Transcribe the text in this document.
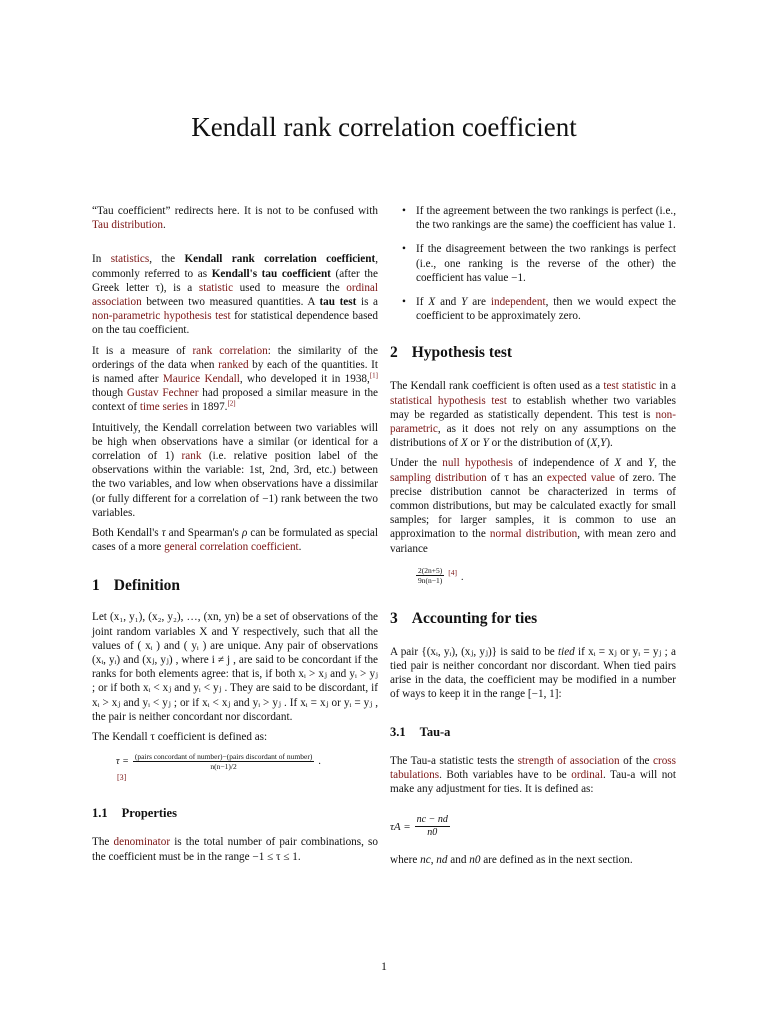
Kendall rank correlation coefficient

“Tau coefficient” redirects here. It is not to be confused with Tau distribution.

In statistics, the Kendall rank correlation coefficient, commonly referred to as Kendall's tau coefficient (after the Greek letter τ), is a statistic used to measure the ordinal association between two measured quantities. A tau test is a non-parametric hypothesis test for statistical dependence based on the tau coefficient.

It is a measure of rank correlation: the similarity of the orderings of the data when ranked by each of the quantities. It is named after Maurice Kendall, who developed it in 1938,[1] though Gustav Fechner had proposed a similar measure in the context of time series in 1897.[2]

Intuitively, the Kendall correlation between two variables will be high when observations have a similar (or identical for a correlation of 1) rank (i.e. relative position label of the observations within the variable: 1st, 2nd, 3rd, etc.) between the two variables, and low when observations have a dissimilar (or fully different for a correlation of −1) rank between the two variables.

Both Kendall's τ and Spearman's ρ can be formulated as special cases of a more general correlation coefficient.

1 Definition

Let (x₁, y₁), (x₂, y₂), …, (xn, yn) be a set of observations of the joint random variables X and Y respectively, such that all the values of ( xᵢ ) and ( yᵢ ) are unique. Any pair of observations (xᵢ, yᵢ) and (xⱼ, yⱼ) , where i ≠ j , are said to be concordant if the ranks for both elements agree: that is, if both xᵢ > xⱼ and yᵢ > yⱼ ; or if both xᵢ < xⱼ and yᵢ < yⱼ . They are said to be discordant, if xᵢ > xⱼ and yᵢ < yⱼ ; or if xᵢ < xⱼ and yᵢ > yⱼ . If xᵢ = xⱼ or yᵢ = yⱼ , the pair is neither concordant nor discordant.

The Kendall τ coefficient is defined as:

$\tau = \frac{\text{(pairs concordant of number)−(pairs discordant of number)}}{n(n-1)/2}$ .
[3]
1.1 Properties

The denominator is the total number of pair combinations, so the coefficient must be in the range −1 ≤ τ ≤ 1.

• If the agreement between the two rankings is perfect (i.e., the two rankings are the same) the coefficient has value 1.
• If the disagreement between the two rankings is perfect (i.e., one ranking is the reverse of the other) the coefficient has value −1.
• If X and Y are independent, then we would expect the coefficient to be approximately zero.
2 Hypothesis test

The Kendall rank coefficient is often used as a test statistic in a statistical hypothesis test to establish whether two variables may be regarded as statistically dependent. This test is non-parametric, as it does not rely on any assumptions on the distributions of X or Y or the distribution of (X,Y).

Under the null hypothesis of independence of X and Y, the sampling distribution of τ has an expected value of zero. The precise distribution cannot be characterized in terms of common distributions, but may be calculated exactly for small samples; for larger samples, it is common to use an approximation to the normal distribution, with mean zero and variance

$\frac{2(2n+5)}{9n(n-1)} [4]$ .
3 Accounting for ties

A pair {(xᵢ, yᵢ), (xⱼ, yⱼ)} is said to be tied if xᵢ = xⱼ or yᵢ = yⱼ ; a tied pair is neither concordant nor discordant. When tied pairs arise in the data, the coefficient may be modified in a number of ways to keep it in the range [−1, 1]:

3.1 Tau-a

The Tau-a statistic tests the strength of association of the cross tabulations. Both variables have to be ordinal. Tau-a will not make any adjustment for ties. It is defined as:

$\tau A = \frac{nc - nd}{n0}$

where nc, nd and n0 are defined as in the next section.

1
